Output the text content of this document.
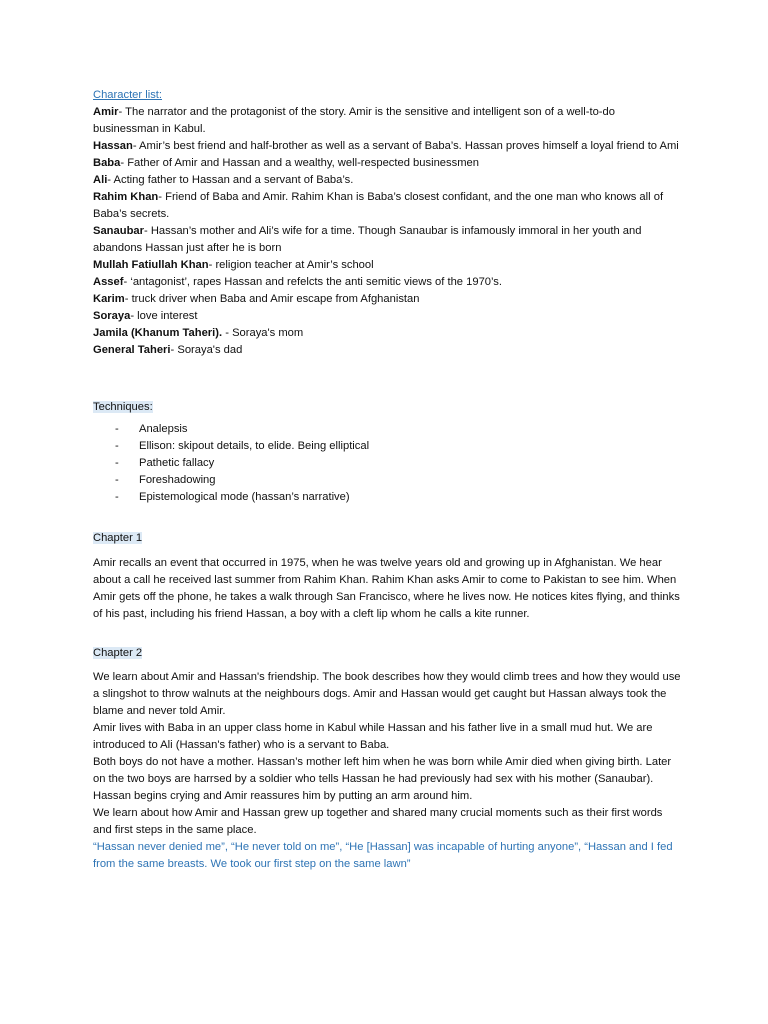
Character list:

Amir- The narrator and the protagonist of the story. Amir is the sensitive and intelligent son of a well-to-do businessman in Kabul.
Hassan- Amir’s best friend and half-brother as well as a servant of Baba’s. Hassan proves himself a loyal friend to Ami
Baba- Father of Amir and Hassan and a wealthy, well-respected businessmen
Ali- Acting father to Hassan and a servant of Baba’s.
Rahim Khan- Friend of Baba and Amir. Rahim Khan is Baba’s closest confidant, and the one man who knows all of Baba’s secrets.
Sanaubar- Hassan’s mother and Ali’s wife for a time. Though Sanaubar is infamously immoral in her youth and abandons Hassan just after he is born
Mullah Fatiullah Khan- religion teacher at Amir’s school
Assef- ‘antagonist’, rapes Hassan and refelcts the anti semitic views of the 1970’s.
Karim- truck driver when Baba and Amir escape from Afghanistan
Soraya- love interest
Jamila (Khanum Taheri). - Soraya's mom
General Taheri- Soraya's dad

Techniques:

- Analepsis
- Ellison: skipout details, to elide. Being elliptical
- Pathetic fallacy
- Foreshadowing
- Epistemological mode (hassan’s narrative)

Chapter 1

Amir recalls an event that occurred in 1975, when he was twelve years old and growing up in Afghanistan. We hear about a call he received last summer from Rahim Khan. Rahim Khan asks Amir to come to Pakistan to see him. When Amir gets off the phone, he takes a walk through San Francisco, where he lives now. He notices kites flying, and thinks of his past, including his friend Hassan, a boy with a cleft lip whom he calls a kite runner.

Chapter 2

We learn about Amir and Hassan's friendship. The book describes how they would climb trees and how they would use a slingshot to throw walnuts at the neighbours dogs. Amir and Hassan would get caught but Hassan always took the blame and never told Amir.
Amir lives with Baba in an upper class home in Kabul while Hassan and his father live in a small mud hut. We are introduced to Ali (Hassan's father) who is a servant to Baba.
Both boys do not have a mother. Hassan’s mother left him when he was born while Amir died when giving birth. Later on the two boys are harrsed by a soldier who tells Hassan he had previously had sex with his mother (Sanaubar). Hassan begins crying and Amir reassures him by putting an arm around him.
We learn about how Amir and Hassan grew up together and shared many crucial moments such as their first words and first steps in the same place.
“Hassan never denied me”, “He never told on me”, “He [Hassan] was incapable of hurting anyone”, “Hassan and I fed from the same breasts. We took our first step on the same lawn”
